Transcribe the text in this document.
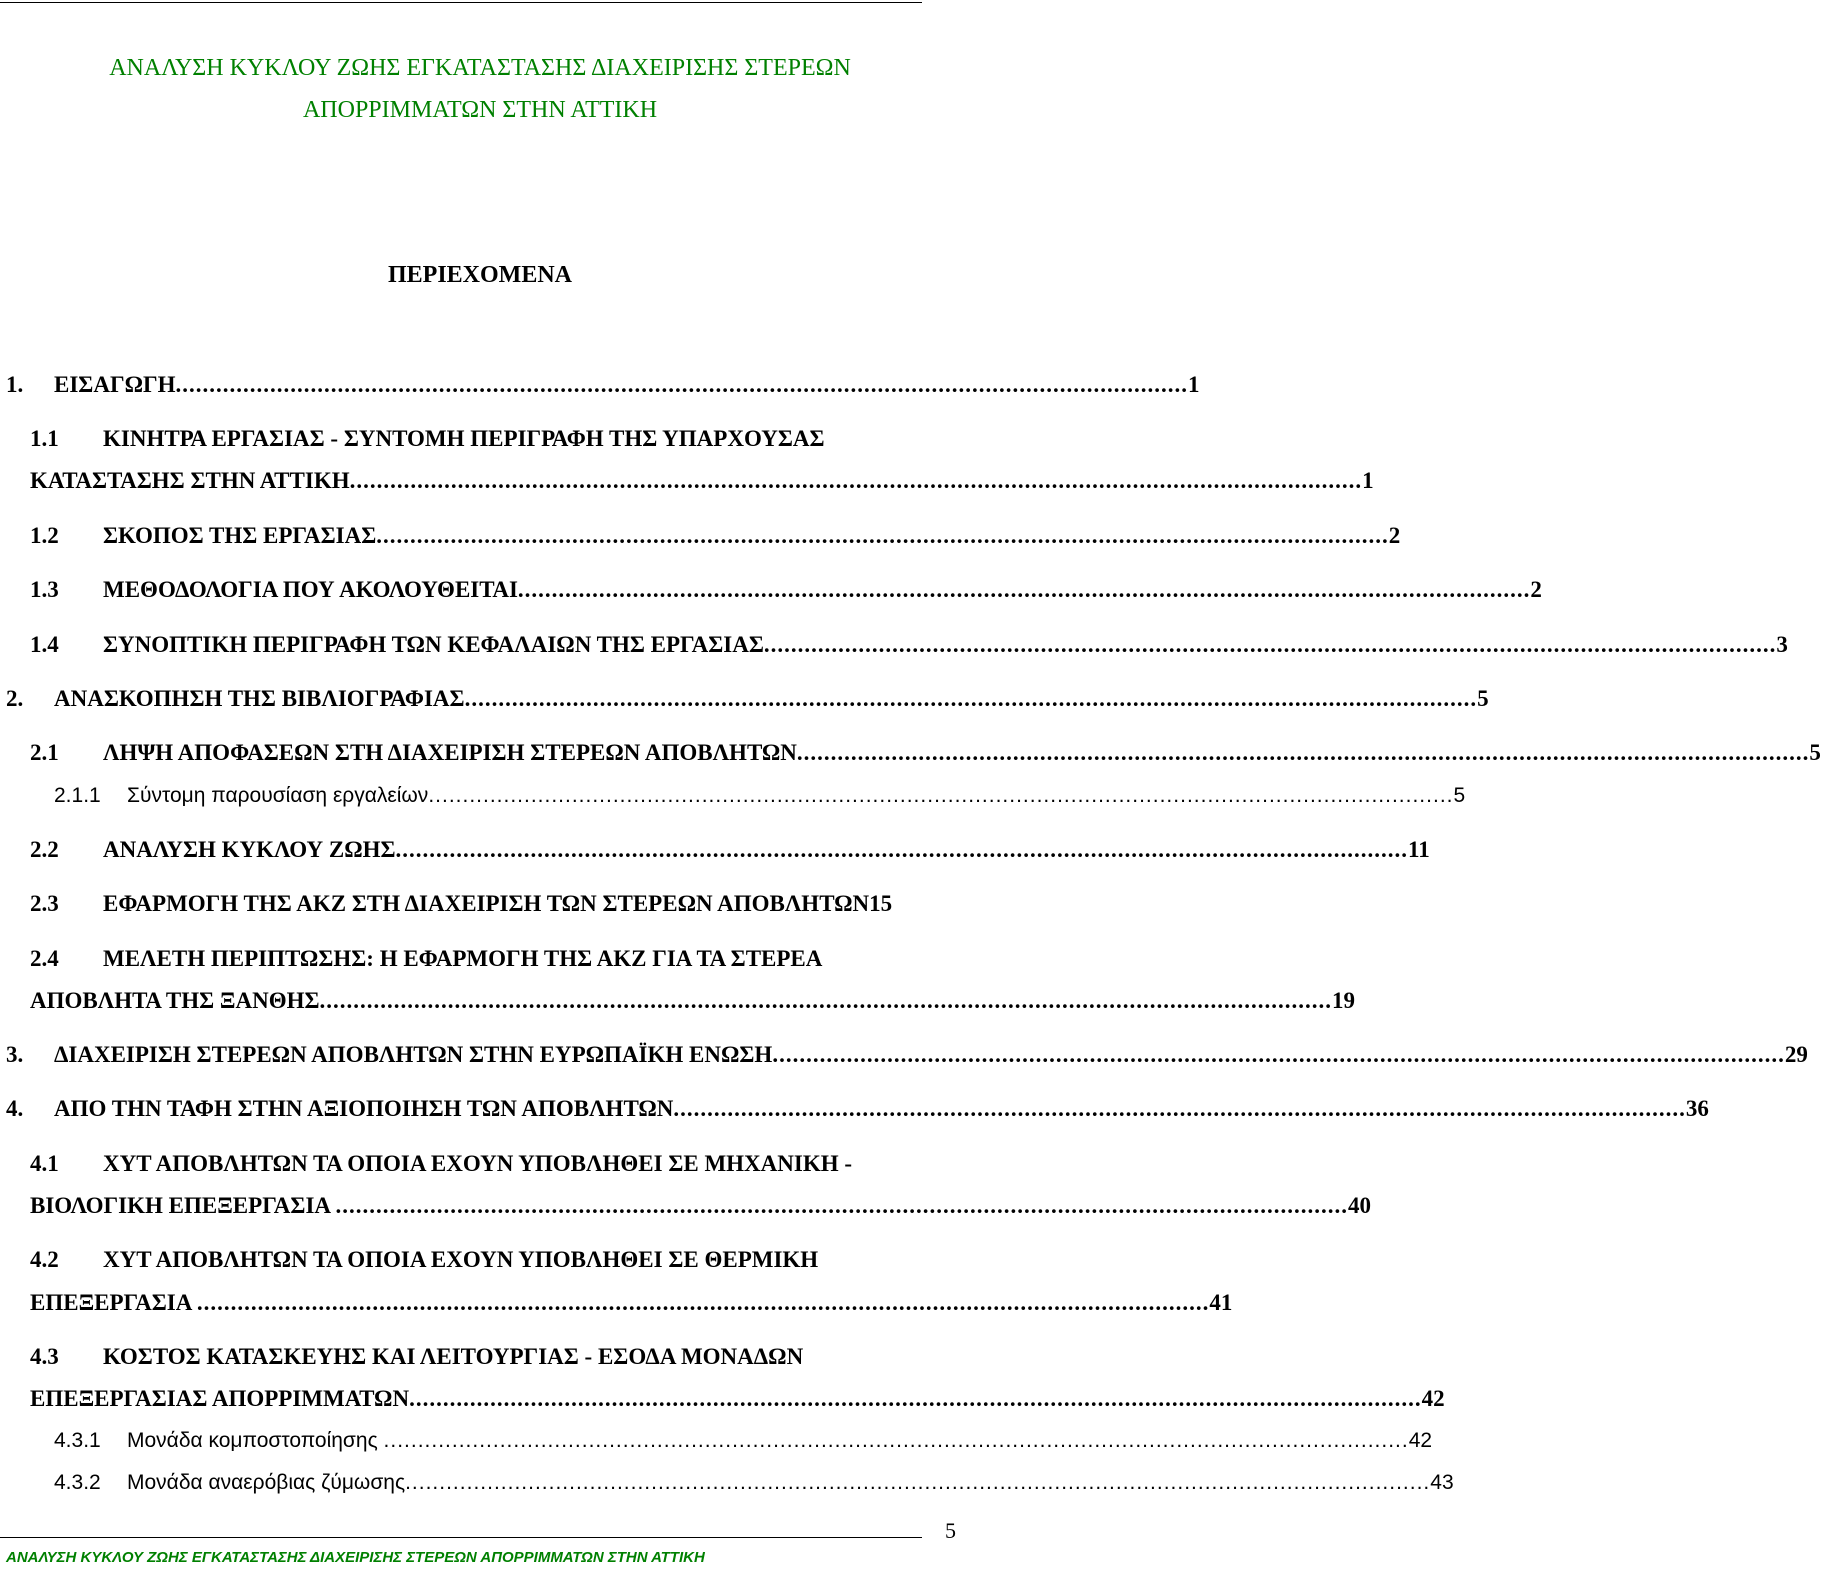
ΑΝΑΛΥΣΗ ΚΥΚΛΟΥ ΖΩΗΣ ΕΓΚΑΤΑΣΤΑΣΗΣ ΔΙΑΧΕΙΡΙΣΗΣ ΣΤΕΡΕΩΝ
ΑΠΟΡΡΙΜΜΑΤΩΝ ΣΤΗΝ ΑΤΤΙΚΗ
ΠΕΡΙΕΧΟΜΕΝΑ
1. ΕΙΣΑΓΩΓΗ ...................................................................................................................................................... 1
1.1 ΚΙΝΗΤΡΑ ΕΡΓΑΣΙΑΣ - ΣΥΝΤΟΜΗ ΠΕΡΙΓΡΑΦΗ ΤΗΣ ΥΠΑΡΧΟΥΣΑΣ
ΚΑΤΑΣΤΑΣΗΣ ΣΤΗΝ ΑΤΤΙΚΗ ...................................................................................................................................................... 1
1.2 ΣΚΟΠΟΣ ΤΗΣ ΕΡΓΑΣΙΑΣ ...................................................................................................................................................... 2
1.3 ΜΕΘΟΔΟΛΟΓΙΑ ΠΟΥ ΑΚΟΛΟΥΘΕΙΤΑΙ ...................................................................................................................................................... 2
1.4 ΣΥΝΟΠΤΙΚΗ ΠΕΡΙΓΡΑΦΗ ΤΩΝ ΚΕΦΑΛΑΙΩΝ ΤΗΣ ΕΡΓΑΣΙΑΣ ...................................................................................................................................................... 3
2. ΑΝΑΣΚΟΠΗΣΗ ΤΗΣ ΒΙΒΛΙΟΓΡΑΦΙΑΣ ...................................................................................................................................................... 5
2.1 ΛΗΨΗ ΑΠΟΦΑΣΕΩΝ ΣΤΗ ΔΙΑΧΕΙΡΙΣΗ ΣΤΕΡΕΩΝ ΑΠΟΒΛΗΤΩΝ ...................................................................................................................................................... 5
2.1.1 Σύντομη παρουσίαση εργαλείων ...................................................................................................................................................... 5
2.2 ΑΝΑΛΥΣΗ ΚΥΚΛΟΥ ΖΩΗΣ ...................................................................................................................................................... 11
2.3 ΕΦΑΡΜΟΓΗ ΤΗΣ ΑΚΖ ΣΤΗ ΔΙΑΧΕΙΡΙΣΗ ΤΩΝ ΣΤΕΡΕΩΝ ΑΠΟΒΛΗΤΩΝ15
2.4 ΜΕΛΕΤΗ ΠΕΡΙΠΤΩΣΗΣ: Η ΕΦΑΡΜΟΓΗ ΤΗΣ ΑΚΖ ΓΙΑ ΤΑ ΣΤΕΡΕΑ
ΑΠΟΒΛΗΤΑ ΤΗΣ ΞΑΝΘΗΣ ...................................................................................................................................................... 19
3. ΔΙΑΧΕΙΡΙΣΗ ΣΤΕΡΕΩΝ ΑΠΟΒΛΗΤΩΝ ΣΤΗΝ ΕΥΡΩΠΑΪΚΗ ΕΝΩΣΗ ...................................................................................................................................................... 29
4. ΑΠΟ ΤΗΝ ΤΑΦΗ ΣΤΗΝ ΑΞΙΟΠΟΙΗΣΗ ΤΩΝ ΑΠΟΒΛΗΤΩΝ ...................................................................................................................................................... 36
4.1 ΧΥΤ ΑΠΟΒΛΗΤΩΝ ΤΑ ΟΠΟΙΑ ΕΧΟΥΝ ΥΠΟΒΛΗΘΕΙ ΣΕ ΜΗΧΑΝΙΚΗ -
ΒΙΟΛΟΓΙΚΗ ΕΠΕΞΕΡΓΑΣΙΑ ...................................................................................................................................................... 40
4.2 ΧΥΤ ΑΠΟΒΛΗΤΩΝ ΤΑ ΟΠΟΙΑ ΕΧΟΥΝ ΥΠΟΒΛΗΘΕΙ ΣΕ ΘΕΡΜΙΚΗ
ΕΠΕΞΕΡΓΑΣΙΑ ...................................................................................................................................................... 41
4.3 ΚΟΣΤΟΣ ΚΑΤΑΣΚΕΥΗΣ ΚΑΙ ΛΕΙΤΟΥΡΓΙΑΣ - ΕΣΟΔΑ ΜΟΝΑΔΩΝ
ΕΠΕΞΕΡΓΑΣΙΑΣ ΑΠΟΡΡΙΜΜΑΤΩΝ ...................................................................................................................................................... 42
4.3.1 Μονάδα κομποστοποίησης ...................................................................................................................................................... 42
4.3.2 Μονάδα αναερόβιας ζύμωσης ...................................................................................................................................................... 43
5
ΑΝΑΛΥΣΗ ΚΥΚΛΟΥ ΖΩΗΣ ΕΓΚΑΤΑΣΤΑΣΗΣ ΔΙΑΧΕΙΡΙΣΗΣ ΣΤΕΡΕΩΝ ΑΠΟΡΡΙΜΜΑΤΩΝ ΣΤΗΝ ΑΤΤΙΚΗ
